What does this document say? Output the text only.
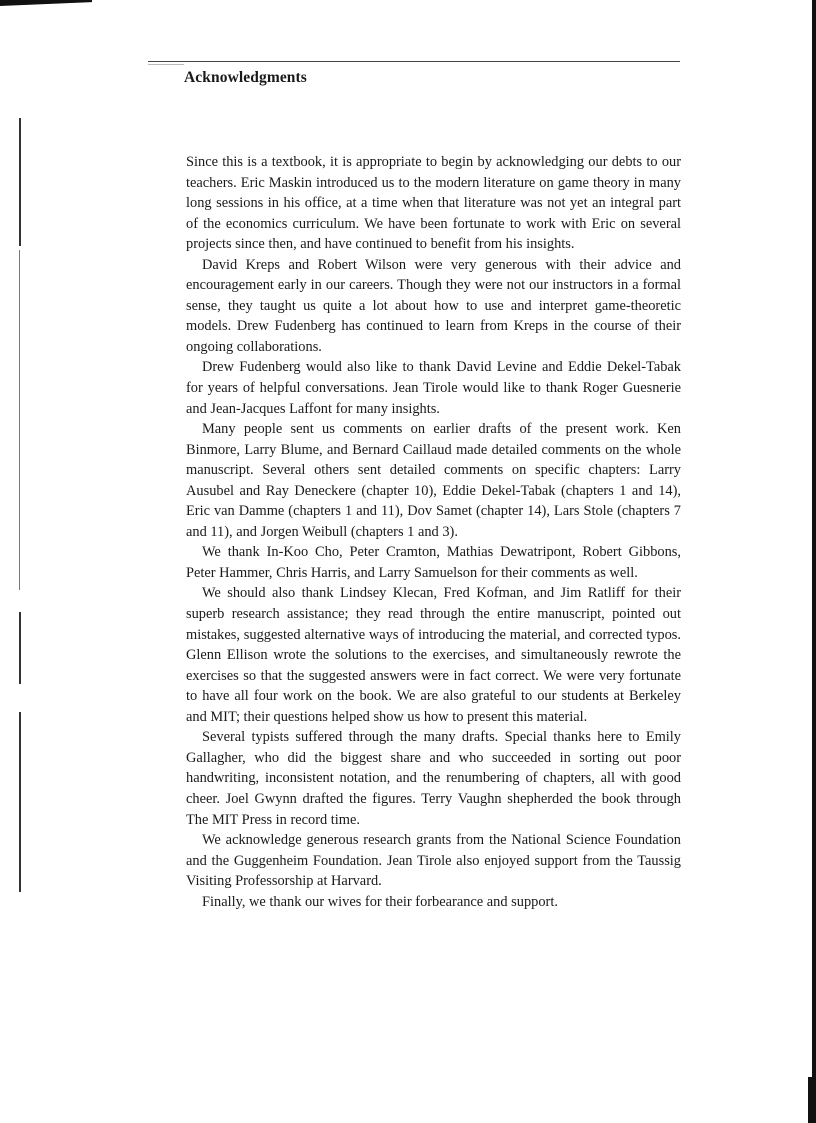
Acknowledgments

Since this is a textbook, it is appropriate to begin by acknowledging our debts to our teachers. Eric Maskin introduced us to the modern literature on game theory in many long sessions in his office, at a time when that literature was not yet an integral part of the economics curriculum. We have been fortunate to work with Eric on several projects since then, and have continued to benefit from his insights.

David Kreps and Robert Wilson were very generous with their advice and encouragement early in our careers. Though they were not our instructors in a formal sense, they taught us quite a lot about how to use and interpret game-theoretic models. Drew Fudenberg has continued to learn from Kreps in the course of their ongoing collaborations.

Drew Fudenberg would also like to thank David Levine and Eddie Dekel-Tabak for years of helpful conversations. Jean Tirole would like to thank Roger Guesnerie and Jean-Jacques Laffont for many insights.

Many people sent us comments on earlier drafts of the present work. Ken Binmore, Larry Blume, and Bernard Caillaud made detailed comments on the whole manuscript. Several others sent detailed comments on specific chapters: Larry Ausubel and Ray Deneckere (chapter 10), Eddie Dekel-Tabak (chapters 1 and 14), Eric van Damme (chapters 1 and 11), Dov Samet (chapter 14), Lars Stole (chapters 7 and 11), and Jorgen Weibull (chapters 1 and 3).

We thank In-Koo Cho, Peter Cramton, Mathias Dewatripont, Robert Gibbons, Peter Hammer, Chris Harris, and Larry Samuelson for their comments as well.

We should also thank Lindsey Klecan, Fred Kofman, and Jim Ratliff for their superb research assistance; they read through the entire manuscript, pointed out mistakes, suggested alternative ways of introducing the material, and corrected typos. Glenn Ellison wrote the solutions to the exercises, and simultaneously rewrote the exercises so that the suggested answers were in fact correct. We were very fortunate to have all four work on the book. We are also grateful to our students at Berkeley and MIT; their questions helped show us how to present this material.

Several typists suffered through the many drafts. Special thanks here to Emily Gallagher, who did the biggest share and who succeeded in sorting out poor handwriting, inconsistent notation, and the renumbering of chapters, all with good cheer. Joel Gwynn drafted the figures. Terry Vaughn shepherded the book through The MIT Press in record time.

We acknowledge generous research grants from the National Science Foundation and the Guggenheim Foundation. Jean Tirole also enjoyed support from the Taussig Visiting Professorship at Harvard.

Finally, we thank our wives for their forbearance and support.
